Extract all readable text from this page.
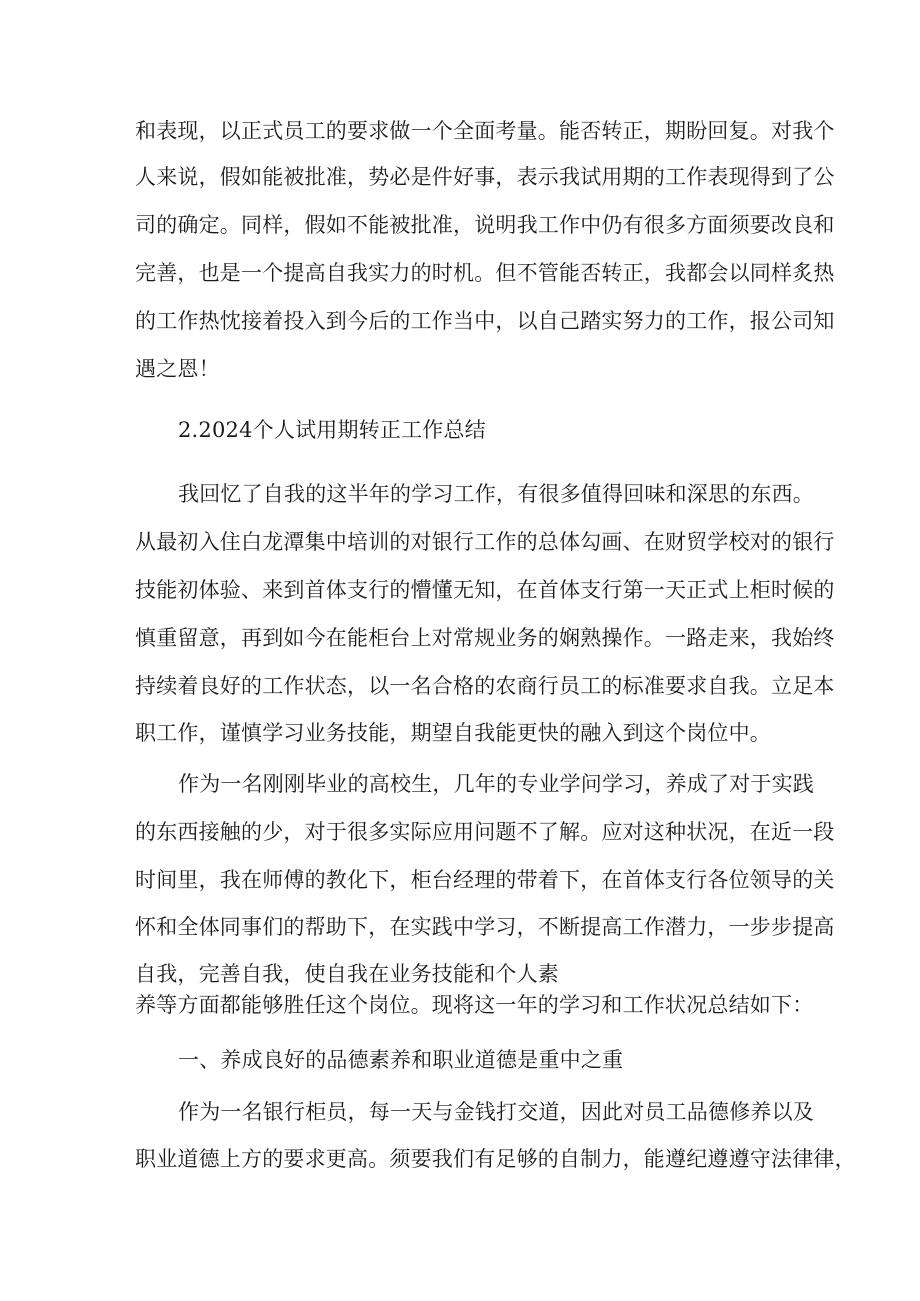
和表现，以正式员工的要求做一个全面考量。能否转正，期盼回复。对我个
人来说，假如能被批准，势必是件好事，表示我试用期的工作表现得到了公
司的确定。同样，假如不能被批准，说明我工作中仍有很多方面须要改良和
完善，也是一个提高自我实力的时机。但不管能否转正，我都会以同样炙热
的工作热忱接着投入到今后的工作当中，以自己踏实努力的工作，报公司知
遇之恩！
2.2024个人试用期转正工作总结
我回忆了自我的这半年的学习工作，有很多值得回味和深思的东西。
从最初入住白龙潭集中培训的对银行工作的总体勾画、在财贸学校对的银行
技能初体验、来到首体支行的懵懂无知，在首体支行第一天正式上柜时候的
慎重留意，再到如今在能柜台上对常规业务的娴熟操作。一路走来，我始终
持续着良好的工作状态，以一名合格的农商行员工的标准要求自我。立足本
职工作，谨慎学习业务技能，期望自我能更快的融入到这个岗位中。
作为一名刚刚毕业的高校生，几年的专业学问学习，养成了对于实践
的东西接触的少，对于很多实际应用问题不了解。应对这种状况，在近一段
时间里，我在师傅的教化下，柜台经理的带着下，在首体支行各位领导的关
怀和全体同事们的帮助下，在实践中学习，不断提高工作潜力，一步步提高
自我，完善自我，使自我在业务技能和个人素
养等方面都能够胜任这个岗位。现将这一年的学习和工作状况总结如下：
一、养成良好的品德素养和职业道德是重中之重
作为一名银行柜员，每一天与金钱打交道，因此对员工品德修养以及
职业道德上方的要求更高。须要我们有足够的自制力，能遵纪遵遵守法律律，
